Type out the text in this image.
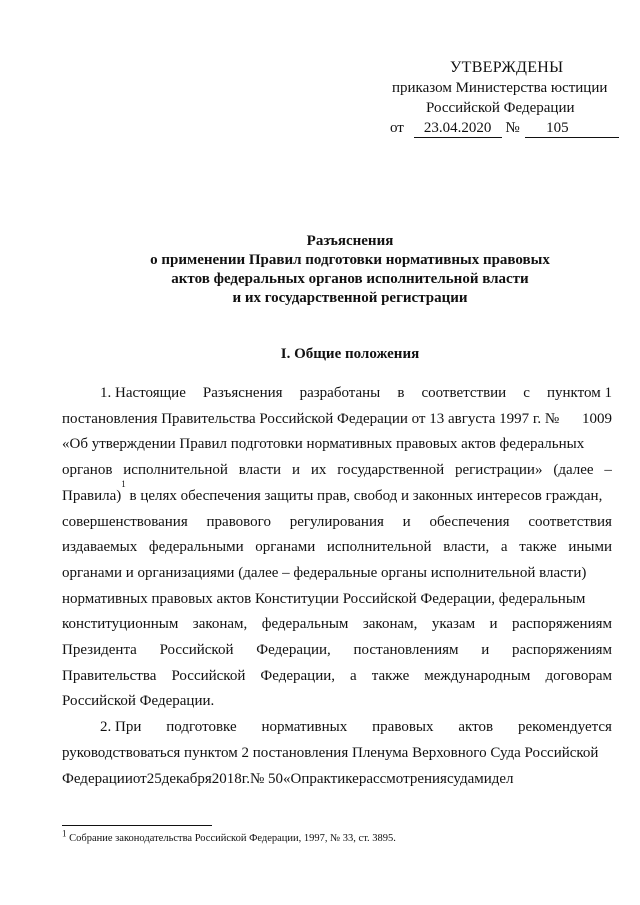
УТВЕРЖДЕНЫ
приказом Министерства юстиции
Российской Федерации
от 23.04.2020 № 105
Разъяснения
о применении Правил подготовки нормативных правовых
актов федеральных органов исполнительной власти
и их государственной регистрации
I. Общие положения
1. Настоящие Разъяснения разработаны в соответствии с пунктом 1
постановления Правительства Российской Федерации от 13 августа 1997 г. № 1009
«Об утверждении Правил подготовки нормативных правовых актов федеральных
органов исполнительной власти и их государственной регистрации» (далее –
Правила)
1
в целях обеспечения защиты прав, свобод и законных интересов граждан,
совершенствования правового регулирования и обеспечения соответствия
издаваемых федеральными органами исполнительной власти, а также иными
органами и организациями (далее – федеральные органы исполнительной власти)
нормативных правовых актов Конституции Российской Федерации, федеральным
конституционным законам, федеральным законам, указам и распоряжениям
Президента Российской Федерации, постановлениям и распоряжениям
Правительства Российской Федерации, а также международным договорам
Российской Федерации.
2. При подготовке нормативных правовых актов рекомендуется
руководствоваться пунктом 2 постановления Пленума Верховного Суда Российской
Федерации от 25 декабря 2018 г. № 50 «О практике рассмотрения судами дел
$^1$ Собрание законодательства Российской Федерации, 1997, № 33, ст. 3895.
